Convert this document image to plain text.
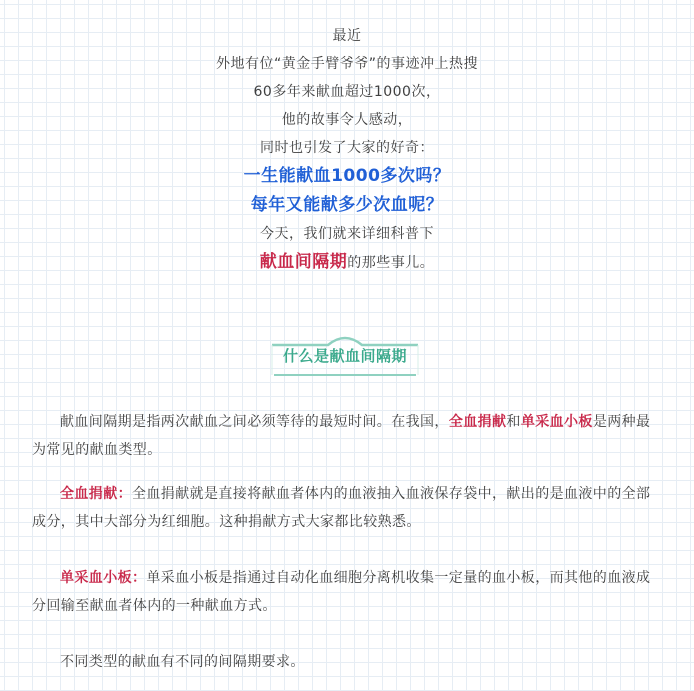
最近
外地有位“黄金手臂爷爷”的事迹冲上热搜
60多年来献血超过1000次，
他的故事令人感动，
同时也引发了大家的好奇：
一生能献血1000多次吗？
每年又能献多少次血呢？
今天，我们就来详细科普下
献血间隔期的那些事儿。
什么是献血间隔期
献血间隔期是指两次献血之间必须等待的最短时间。在我国，全血捐献和单采血小板是两种最为常见的献血类型。
全血捐献：全血捐献就是直接将献血者体内的血液抽入血液保存袋中，献出的是血液中的全部成分，其中大部分为红细胞。这种捐献方式大家都比较熟悉。
单采血小板：单采血小板是指通过自动化血细胞分离机收集一定量的血小板，而其他的血液成分回输至献血者体内的一种献血方式。
不同类型的献血有不同的间隔期要求。
